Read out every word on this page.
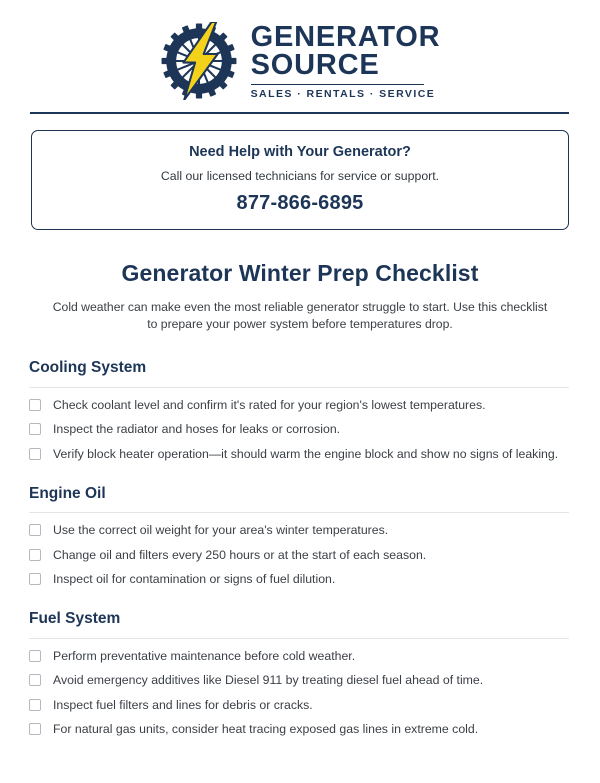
GENERATOR
SOURCE
SALES · RENTALS · SERVICE

Need Help with Your Generator?

Call our licensed technicians for service or support.

877-866-6895

Generator Winter Prep Checklist

Cold weather can make even the most reliable generator struggle to start. Use this checklist to prepare your power system before temperatures drop.

Cooling System
Check coolant level and confirm it's rated for your region's lowest temperatures.
Inspect the radiator and hoses for leaks or corrosion.
Verify block heater operation—it should warm the engine block and show no signs of leaking.
Engine Oil
Use the correct oil weight for your area's winter temperatures.
Change oil and filters every 250 hours or at the start of each season.
Inspect oil for contamination or signs of fuel dilution.
Fuel System
Perform preventative maintenance before cold weather.
Avoid emergency additives like Diesel 911 by treating diesel fuel ahead of time.
Inspect fuel filters and lines for debris or cracks.
For natural gas units, consider heat tracing exposed gas lines in extreme cold.
